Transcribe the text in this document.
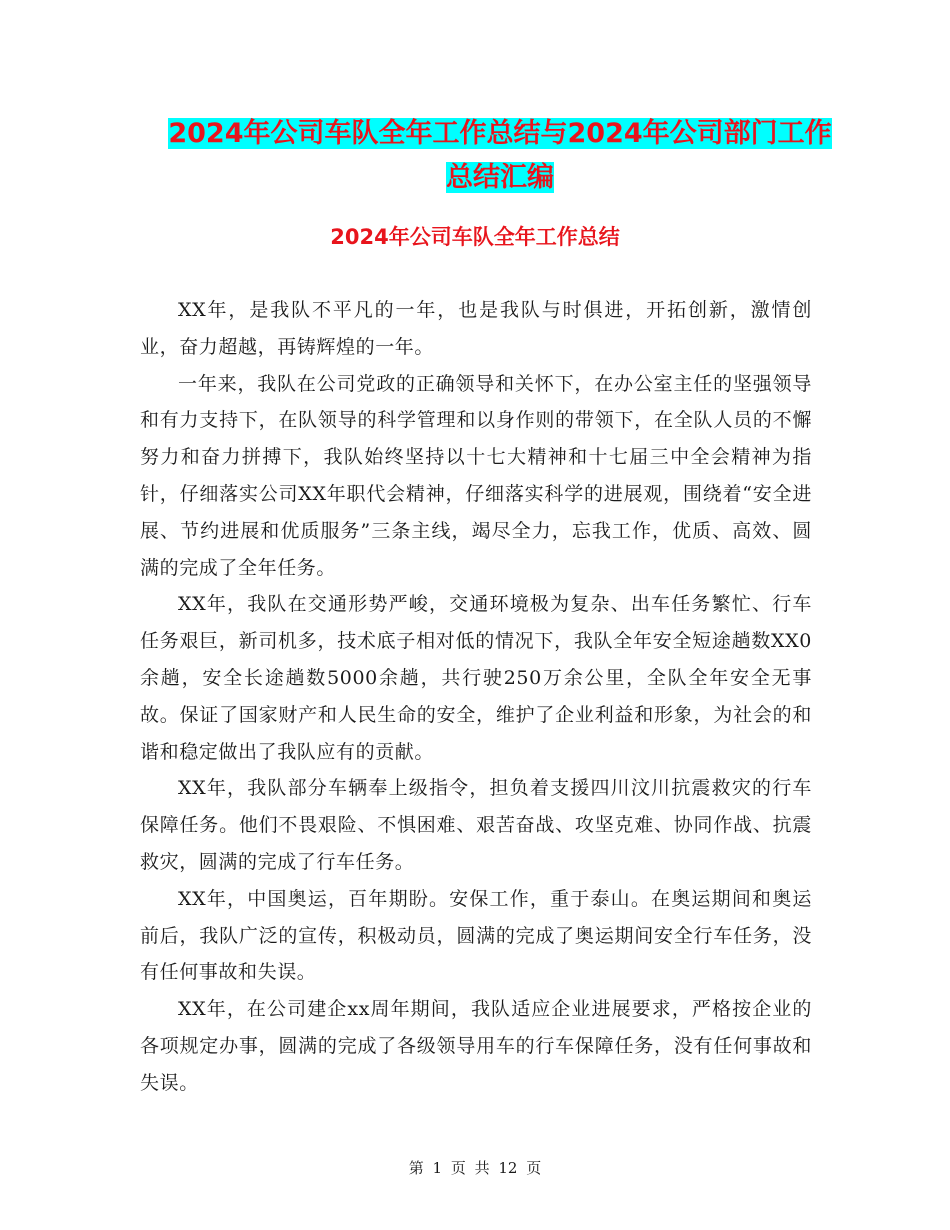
2024年公司车队全年工作总结与2024年公司部门工作
总结汇编
2024年公司车队全年工作总结

XX年，是我队不平凡的一年，也是我队与时俱进，开拓创新，激情创业，奋力超越，再铸辉煌的一年。

一年来，我队在公司党政的正确领导和关怀下，在办公室主任的坚强领导和有力支持下，在队领导的科学管理和以身作则的带领下，在全队人员的不懈努力和奋力拼搏下，我队始终坚持以十七大精神和十七届三中全会精神为指针，仔细落实公司XX年职代会精神，仔细落实科学的进展观，围绕着“安全进展、节约进展和优质服务”三条主线，竭尽全力，忘我工作，优质、高效、圆满的完成了全年任务。

XX年，我队在交通形势严峻，交通环境极为复杂、出车任务繁忙、行车任务艰巨，新司机多，技术底子相对低的情况下，我队全年安全短途趟数XX0余趟，安全长途趟数5000余趟，共行驶250万余公里，全队全年安全无事故。保证了国家财产和人民生命的安全，维护了企业利益和形象，为社会的和谐和稳定做出了我队应有的贡献。

XX年，我队部分车辆奉上级指令，担负着支援四川汶川抗震救灾的行车保障任务。他们不畏艰险、不惧困难、艰苦奋战、攻坚克难、协同作战、抗震救灾，圆满的完成了行车任务。

XX年，中国奥运，百年期盼。安保工作，重于泰山。在奥运期间和奥运前后，我队广泛的宣传，积极动员，圆满的完成了奥运期间安全行车任务，没有任何事故和失误。

XX年，在公司建企xx周年期间，我队适应企业进展要求，严格按企业的各项规定办事，圆满的完成了各级领导用车的行车保障任务，没有任何事故和失误。

第 1 页 共 12 页
